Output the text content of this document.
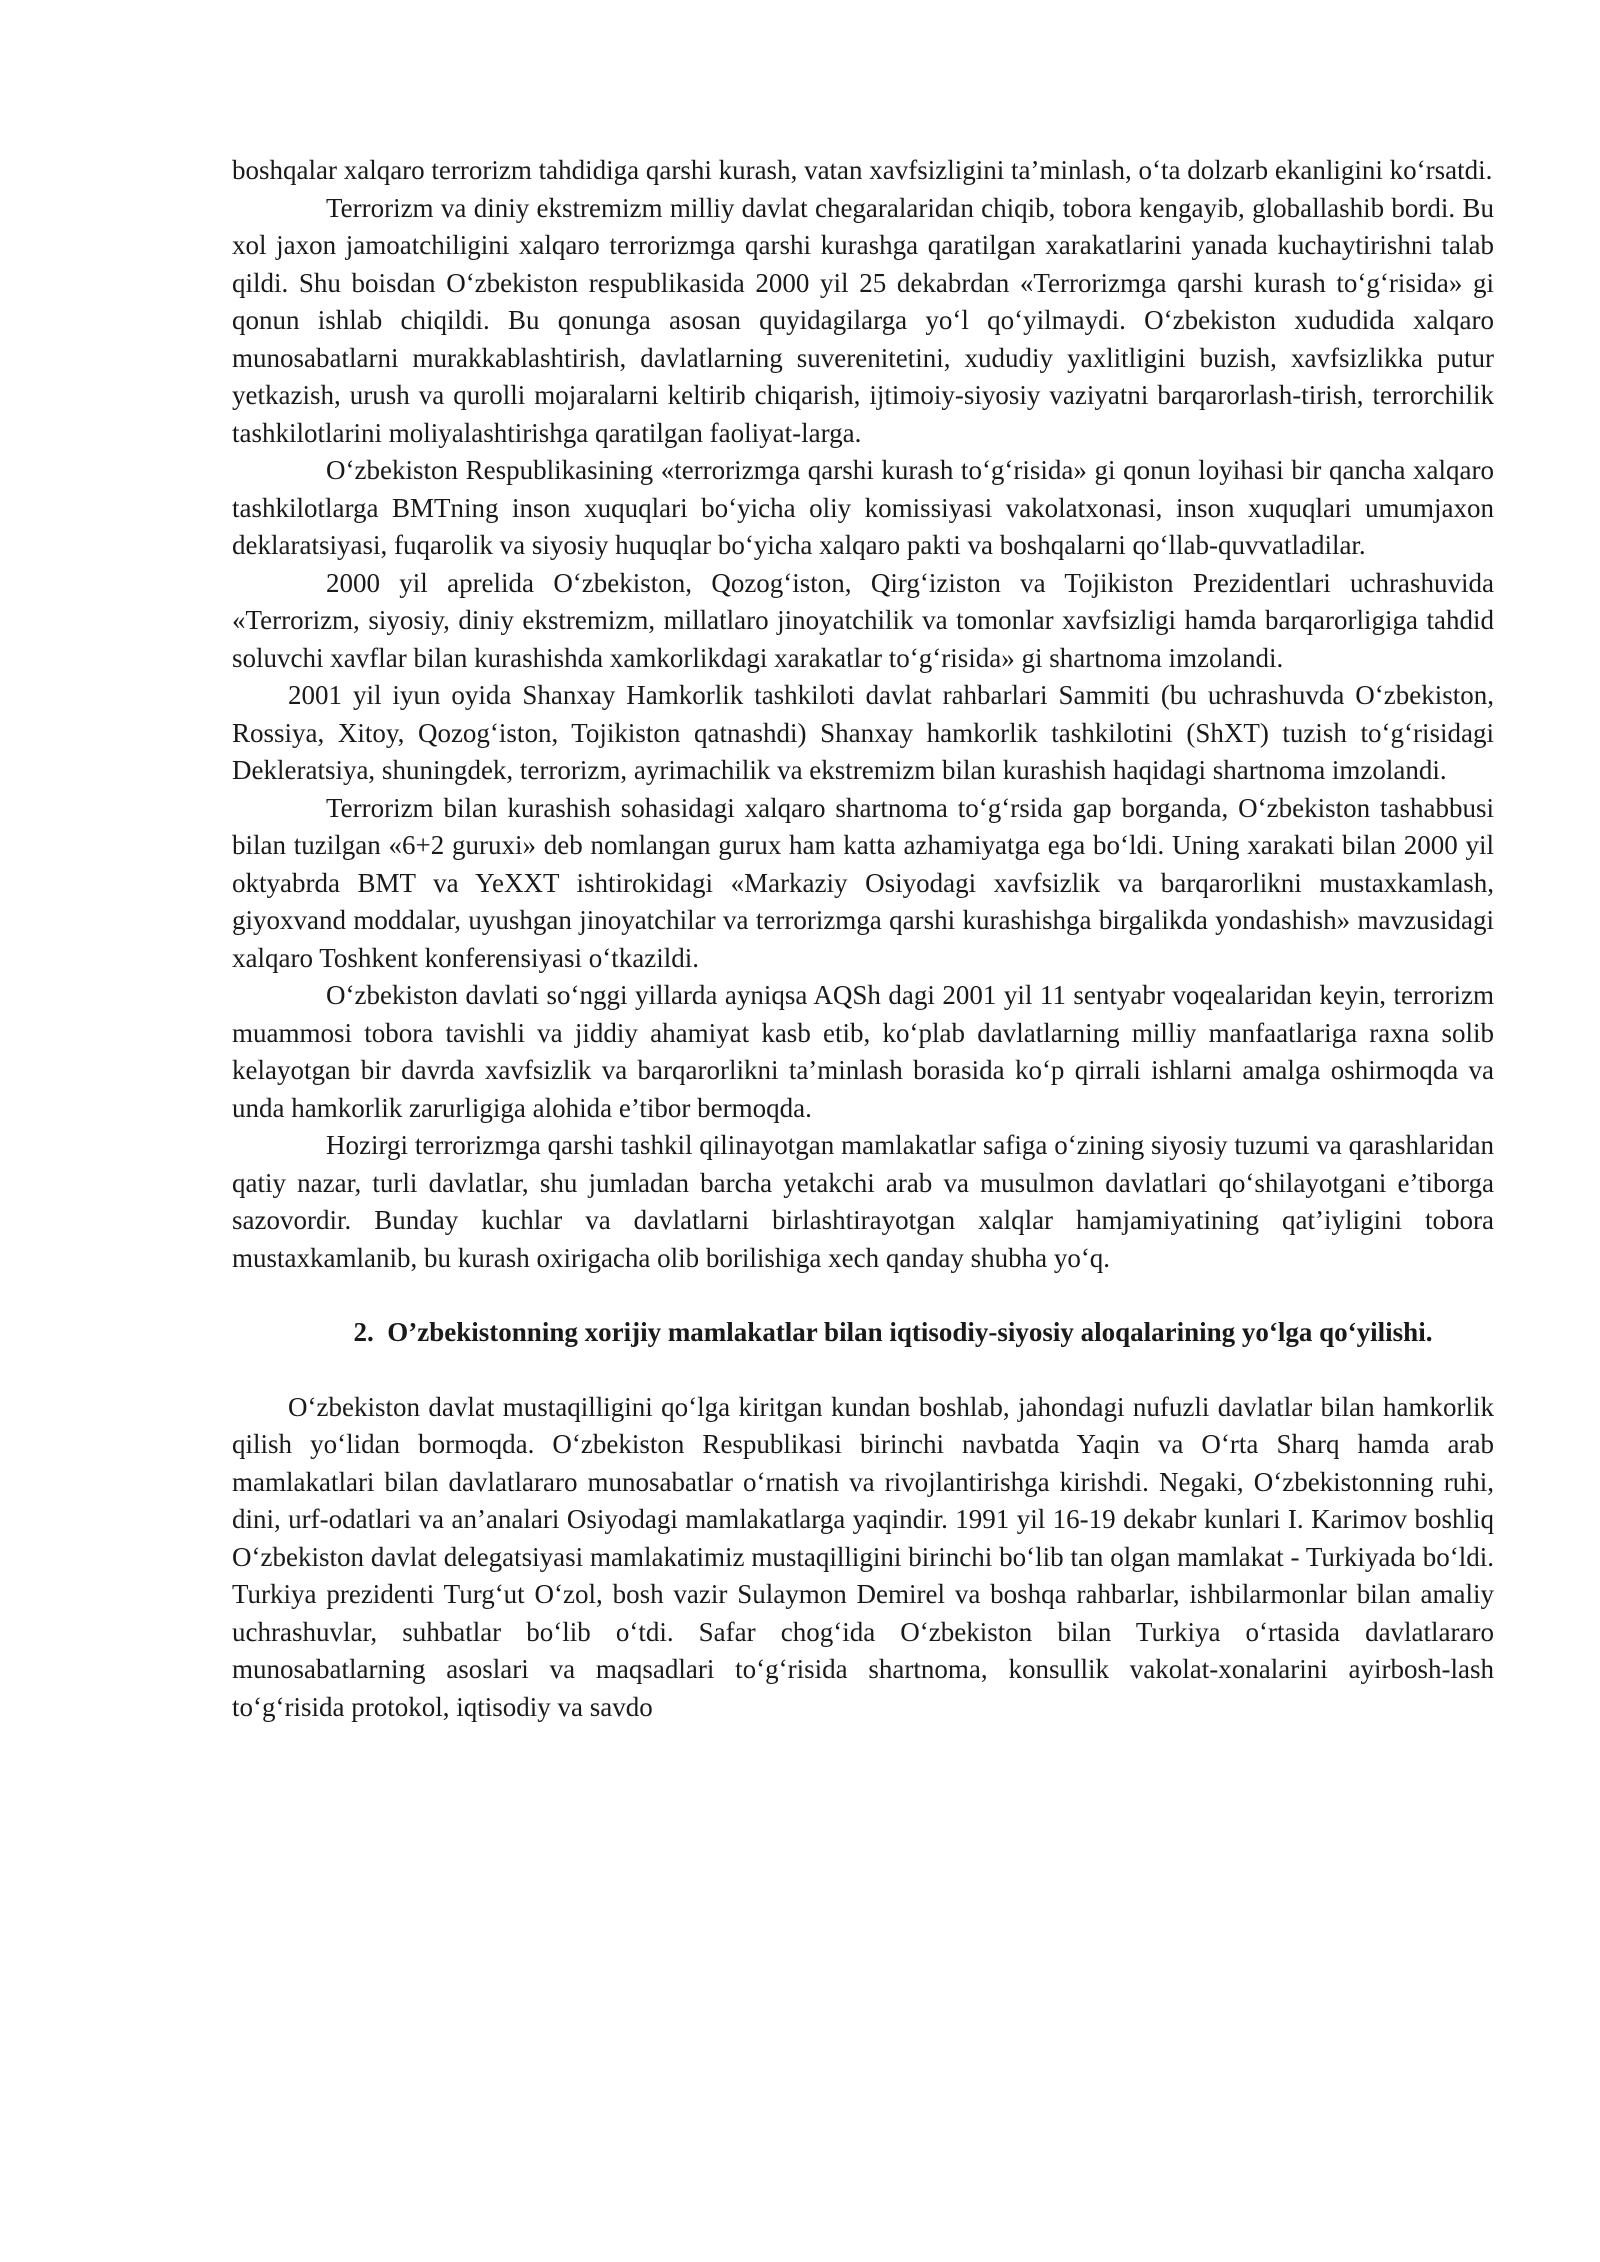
boshqalar xalqaro terrorizm tahdidiga qarshi kurash, vatan xavfsizligini ta’minlash, o‘ta dolzarb ekanligini ko‘rsatdi.

Terrorizm va diniy ekstremizm milliy davlat chegaralaridan chiqib, tobora kengayib, globallashib bordi. Bu xol jaxon jamoatchiligini xalqaro terrorizmga qarshi kurashga qaratilgan xarakatlarini yanada kuchaytirishni talab qildi. Shu boisdan O‘zbekiston respublikasida 2000 yil 25 dekabrdan «Terrorizmga qarshi kurash to‘g‘risida» gi qonun ishlab chiqildi. Bu qonunga asosan quyidagilarga yo‘l qo‘yilmaydi. O‘zbekiston xududida xalqaro munosabatlarni murakkablashtirish, davlatlarning suverenitetini, xududiy yaxlitligini buzish, xavfsizlikka putur yetkazish, urush va qurolli mojaralarni keltirib chiqarish, ijtimoiy-siyosiy vaziyatni barqarorlash-tirish, terrorchilik tashkilotlarini moliyalashtirishga qaratilgan faoliyat-larga.

O‘zbekiston Respublikasining «terrorizmga qarshi kurash to‘g‘risida» gi qonun loyihasi bir qancha xalqaro tashkilotlarga BMTning inson xuquqlari bo‘yicha oliy komissiyasi vakolatxonasi, inson xuquqlari umumjaxon deklaratsiyasi, fuqarolik va siyosiy huquqlar bo‘yicha xalqaro pakti va boshqalarni qo‘llab-quvvatladilar.

2000 yil aprelida O‘zbekiston, Qozog‘iston, Qirg‘iziston va Tojikiston Prezidentlari uchrashuvida «Terrorizm, siyosiy, diniy ekstremizm, millatlaro jinoyatchilik va tomonlar xavfsizligi hamda barqarorligiga tahdid soluvchi xavflar bilan kurashishda xamkorlikdagi xarakatlar to‘g‘risida» gi shartnoma imzolandi.

2001 yil iyun oyida Shanxay Hamkorlik tashkiloti davlat rahbarlari Sammiti (bu uchrashuvda O‘zbekiston, Rossiya, Xitoy, Qozog‘iston, Tojikiston qatnashdi) Shanxay hamkorlik tashkilotini (ShXT) tuzish to‘g‘risidagi Dekleratsiya, shuningdek, terrorizm, ayrimachilik va ekstremizm bilan kurashish haqidagi shartnoma imzolandi.

Terrorizm bilan kurashish sohasidagi xalqaro shartnoma to‘g‘rsida gap borganda, O‘zbekiston tashabbusi bilan tuzilgan «6+2 guruxi» deb nomlangan gurux ham katta azhamiyatga ega bo‘ldi. Uning xarakati bilan 2000 yil oktyabrda BMT va YeXXT ishtirokidagi «Markaziy Osiyodagi xavfsizlik va barqarorlikni mustaxkamlash, giyoxvand moddalar, uyushgan jinoyatchilar va terrorizmga qarshi kurashishga birgalikda yondashish» mavzusidagi xalqaro Toshkent konferensiyasi o‘tkazildi.

O‘zbekiston davlati so‘nggi yillarda ayniqsa AQSh dagi 2001 yil 11 sentyabr voqealaridan keyin, terrorizm muammosi tobora tavishli va jiddiy ahamiyat kasb etib, ko‘plab davlatlarning milliy manfaatlariga raxna solib kelayotgan bir davrda xavfsizlik va barqarorlikni ta’minlash borasida ko‘p qirrali ishlarni amalga oshirmoqda va unda hamkorlik zarurligiga alohida e’tibor bermoqda.

Hozirgi terrorizmga qarshi tashkil qilinayotgan mamlakatlar safiga o‘zining siyosiy tuzumi va qarashlaridan qatiy nazar, turli davlatlar, shu jumladan barcha yetakchi arab va musulmon davlatlari qo‘shilayotgani e’tiborga sazovordir. Bunday kuchlar va davlatlarni birlashtirayotgan xalqlar hamjamiyatining qat’iyligini tobora mustaxkamlanib, bu kurash oxirigacha olib borilishiga xech qanday shubha yo‘q.

2. O’zbekistonning xorijiy mamlakatlar bilan iqtisodiy-siyosiy aloqalarining yo‘lga qo‘yilishi.

O‘zbekiston davlat mustaqilligini qo‘lga kiritgan kundan boshlab, jahondagi nufuzli davlatlar bilan hamkorlik qilish yo‘lidan bormoqda. O‘zbekiston Respublikasi birinchi navbatda Yaqin va O‘rta Sharq hamda arab mamlakatlari bilan davlatlararo munosabatlar o‘rnatish va rivojlantirishga kirishdi. Negaki, O‘zbekistonning ruhi, dini, urf-odatlari va an’analari Osiyodagi mamlakatlarga yaqindir. 1991 yil 16-19 dekabr kunlari I. Karimov boshliq O‘zbekiston davlat delegatsiyasi mamlakatimiz mustaqilligini birinchi bo‘lib tan olgan mamlakat - Turkiyada bo‘ldi. Turkiya prezidenti Turg‘ut O‘zol, bosh vazir Sulaymon Demirel va boshqa rahbarlar, ishbilarmonlar bilan amaliy uchrashuvlar, suhbatlar bo‘lib o‘tdi. Safar chog‘ida O‘zbekiston bilan Turkiya o‘rtasida davlatlararo munosabatlarning asoslari va maqsadlari to‘g‘risida shartnoma, konsullik vakolat-xonalarini ayirbosh-lash to‘g‘risida protokol, iqtisodiy va savdo
